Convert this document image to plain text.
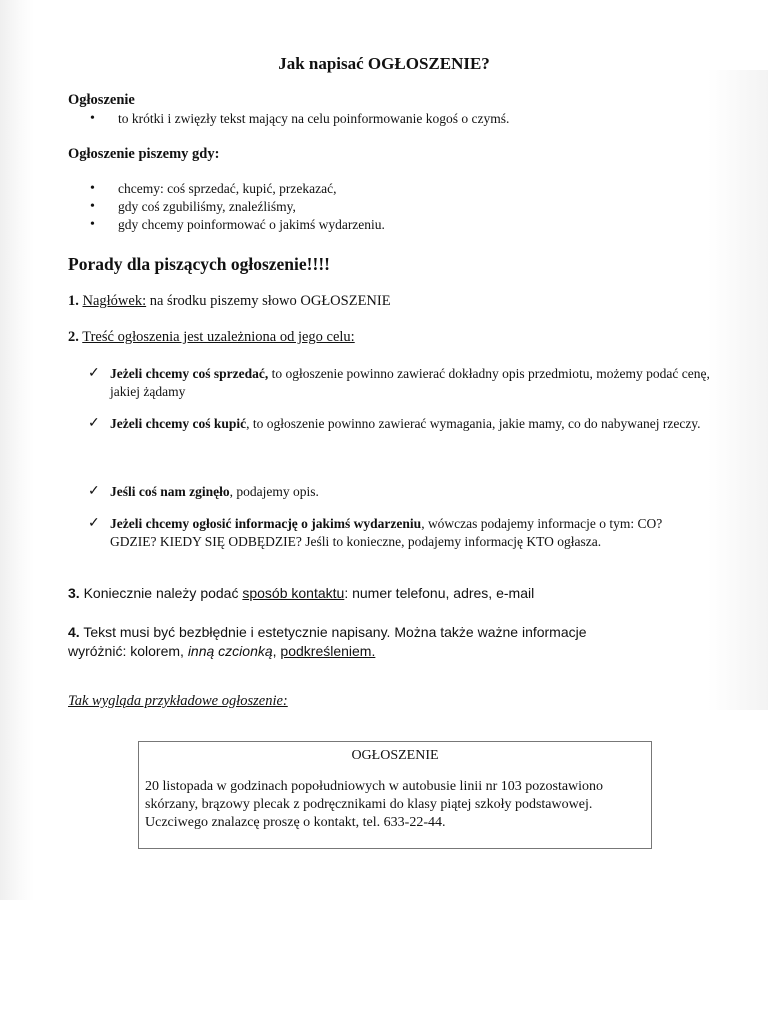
Jak napisać OGŁOSZENIE?
Ogłoszenie
• to krótki i zwięzły tekst mający na celu poinformowanie kogoś o czymś.
Ogłoszenie piszemy gdy:
• chcemy: coś sprzedać, kupić, przekazać,
• gdy coś zgubiliśmy, znaleźliśmy,
• gdy chcemy poinformować o jakimś wydarzeniu.
Porady dla piszących ogłoszenie!!!!
1. Nagłówek: na środku piszemy słowo OGŁOSZENIE
2. Treść ogłoszenia jest uzależniona od jego celu:
✓ Jeżeli chcemy coś sprzedać, to ogłoszenie powinno zawierać dokładny opis przedmiotu, możemy podać cenę, jakiej żądamy
✓ Jeżeli chcemy coś kupić, to ogłoszenie powinno zawierać wymagania, jakie mamy, co do nabywanej rzeczy.
✓ Jeśli coś nam zginęło, podajemy opis.
✓ Jeżeli chcemy ogłosić informację o jakimś wydarzeniu, wówczas podajemy informacje o tym: CO? GDZIE? KIEDY SIĘ ODBĘDZIE? Jeśli to konieczne, podajemy informację KTO ogłasza.
3. Koniecznie należy podać sposób kontaktu: numer telefonu, adres, e-mail
4. Tekst musi być bezbłędnie i estetycznie napisany. Można także ważne informacje
wyróżnić: kolorem, inną czcionką, podkreśleniem.
Tak wygląda przykładowe ogłoszenie:
OGŁOSZENIE
20 listopada w godzinach popołudniowych w autobusie linii nr 103 pozostawiono skórzany, brązowy plecak z podręcznikami do klasy piątej szkoły podstawowej. Uczciwego znalazcę proszę o kontakt, tel. 633-22-44.
